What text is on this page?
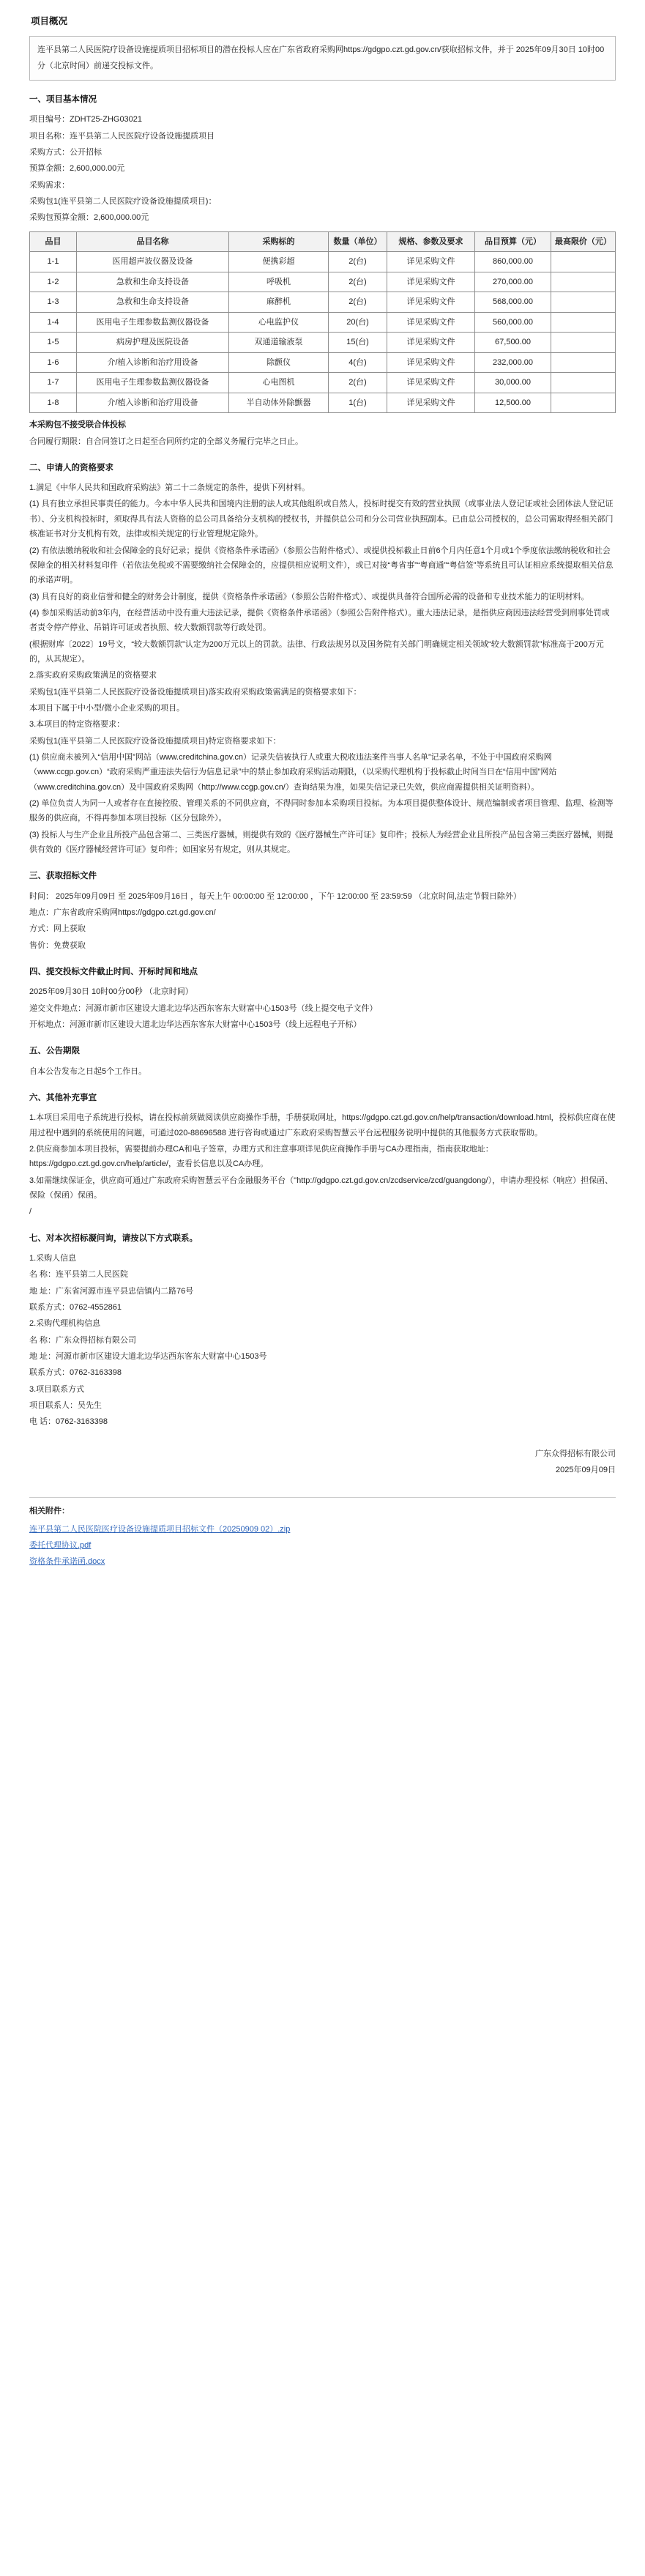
项目概况
连平县第二人民医院疗设备设施提质项目招标项目的潜在投标人应在广东省政府采购网https://gdgpo.czt.gd.gov.cn/获取招标文件，并于 2025年09月30日 10时00分（北京时间）前递交投标文件。
一、项目基本情况

项目编号：ZDHT25-ZHG03021

项目名称：连平县第二人民医院疗设备设施提质项目

采购方式：公开招标

预算金额：2,600,000.00元

采购需求：

采购包1(连平县第二人民医院疗设备设施提质项目)：

采购包预算金额：2,600,000.00元

品目	品目名称	采购标的	数量（单位）	规格、参数及要求	品目预算（元）	最高限价（元）
1-1	医用超声波仪器及设备	便携彩超	2(台)	详见采购文件	860,000.00	
1-2	急救和生命支持设备	呼吸机	2(台)	详见采购文件	270,000.00	
1-3	急救和生命支持设备	麻醉机	2(台)	详见采购文件	568,000.00	
1-4	医用电子生理参数监测仪器设备	心电监护仪	20(台)	详见采购文件	560,000.00	
1-5	病房护理及医院设备	双通道输液泵	15(台)	详见采购文件	67,500.00	
1-6	介/植入诊断和治疗用设备	除颤仪	4(台)	详见采购文件	232,000.00	
1-7	医用电子生理参数监测仪器设备	心电图机	2(台)	详见采购文件	30,000.00	
1-8	介/植入诊断和治疗用设备	半自动体外除颤器	1(台)	详见采购文件	12,500.00	

本采购包不接受联合体投标

合同履行期限：自合同签订之日起至合同所约定的全部义务履行完毕之日止。

二、申请人的资格要求

1.满足《中华人民共和国政府采购法》第二十二条规定的条件，提供下列材料。

(1) 具有独立承担民事责任的能力。今本中华人民共和国境内注册的法人或其他组织或自然人，投标时提交有效的营业执照（或事业法人登记证或社会团体法人登记证书）、分支机构投标时，须取得具有法人资格的总公司具备给分支机构的授权书，并提供总公司和分公司营业执照副本。已由总公司授权的，总公司需取得经相关部门核准证书对分支机构有效，法律或相关规定的行业管理规定除外。

(2) 有依法缴纳税收和社会保障金的良好记录；提供《资格条件承诺函》（参照公告附件格式）、或提供投标截止日前6个月内任意1个月或1个季度依法缴纳税收和社会保障金的相关材料复印件（若依法免税或不需要缴纳社会保障金的，应提供相应说明文件），或已对接“粤省事”“粤商通”“粤信签”等系统且可认证相应系统提取相关信息的承诺声明。

(3) 具有良好的商业信誉和健全的财务会计制度，提供《资格条件承诺函》（参照公告附件格式）、或提供具备符合国所必需的设备和专业技术能力的证明材料。

(4) 参加采购活动前3年内，在经营活动中没有重大违法记录，提供《资格条件承诺函》（参照公告附件格式）。重大违法记录，是指供应商因违法经营受到刑事处罚或者责令停产停业、吊销许可证或者执照、较大数额罚款等行政处罚。

(根据财库〔2022〕19号文，“较大数额罚款”认定为200万元以上的罚款。法律、行政法规另以及国务院有关部门明确规定相关领域“较大数额罚款”标准高于200万元的，从其规定）。

2.落实政府采购政策满足的资格要求

采购包1(连平县第二人民医院疗设备设施提质项目)落实政府采购政策需满足的资格要求如下：

本项目下属于中小型/微小企业采购的项目。

3.本项目的特定资格要求：

采购包1(连平县第二人民医院疗设备设施提质项目)特定资格要求如下：

(1) 供应商未被列入“信用中国”网站（www.creditchina.gov.cn）记录失信被执行人或重大税收违法案件当事人名单”记录名单，不处于中国政府采购网（www.ccgp.gov.cn）“政府采购严重违法失信行为信息记录”中的禁止参加政府采购活动期限，（以采购代理机构于投标截止时间当日在“信用中国”网站（www.creditchina.gov.cn）及中国政府采购网（http://www.ccgp.gov.cn/）查询结果为准，如果失信记录已失效，供应商需提供相关证明资料）。

(2) 单位负责人为同一人或者存在直接控股、管理关系的不同供应商，不得同时参加本采购项目投标。为本项目提供整体设计、规范编制或者项目管理、监理、检测等服务的供应商，不得再参加本项目投标（区分包除外）。

(3) 投标人与生产企业且所投产品包含第二、三类医疗器械，则提供有效的《医疗器械生产许可证》复印件；投标人为经营企业且所投产品包含第三类医疗器械，则提供有效的《医疗器械经营许可证》复印件；如国家另有规定，则从其规定。

三、获取招标文件

时间： 2025年09月09日 至 2025年09月16日 ，每天上午 00:00:00 至 12:00:00 ，下午 12:00:00 至 23:59:59 （北京时间,法定节假日除外）

地点：广东省政府采购网https://gdgpo.czt.gd.gov.cn/

方式：网上获取

售价：免费获取

四、提交投标文件截止时间、开标时间和地点

2025年09月30日 10时00分00秒 （北京时间）

递交文件地点：河源市新市区建设大道北边华达西东客东大财富中心1503号（线上提交电子文件）

开标地点：河源市新市区建设大道北边华达西东客东大财富中心1503号（线上远程电子开标）

五、公告期限

自本公告发布之日起5个工作日。

六、其他补充事宜

1.本项目采用电子系统进行投标，请在投标前须做阅读供应商操作手册，手册获取网址，https://gdgpo.czt.gd.gov.cn/help/transaction/download.html，投标供应商在使用过程中遇到的系统使用的问题，可通过020-88696588 进行咨询或通过广东政府采购智慧云平台远程服务说明中提供的其他服务方式获取帮助。

2.供应商参加本项目投标，需要提前办理CA和电子签章，办理方式和注意事项详见供应商操作手册与CA办理指南，指南获取地址：https://gdgpo.czt.gd.gov.cn/help/article/，查看长信息以及CA办理。

3.如需继续保证金，供应商可通过广东政府采购智慧云平台金融服务平台（"http://gdgpo.czt.gd.gov.cn/zcdservice/zcd/guangdong/），申请办理投标（响应）担保函、保险（保函）保函。

/

七、对本次招标凝问询，请按以下方式联系。

1.采购人信息

名 称：连平县第二人民医院

地 址：广东省河源市连平县忠信镇内二路76号

联系方式：0762-4552861

2.采购代理机构信息

名 称：广东众得招标有限公司

地 址：河源市新市区建设大道北边华达西东客东大财富中心1503号

联系方式：0762-3163398

3.项目联系方式

项目联系人：吴先生

电 话：0762-3163398

广东众得招标有限公司
2025年09月09日
相关附件：
连平县第二人民医院医疗设备设施提质项目招标文件（20250909 02）.zip
委托代理协议.pdf
资格条件承诺函.docx
